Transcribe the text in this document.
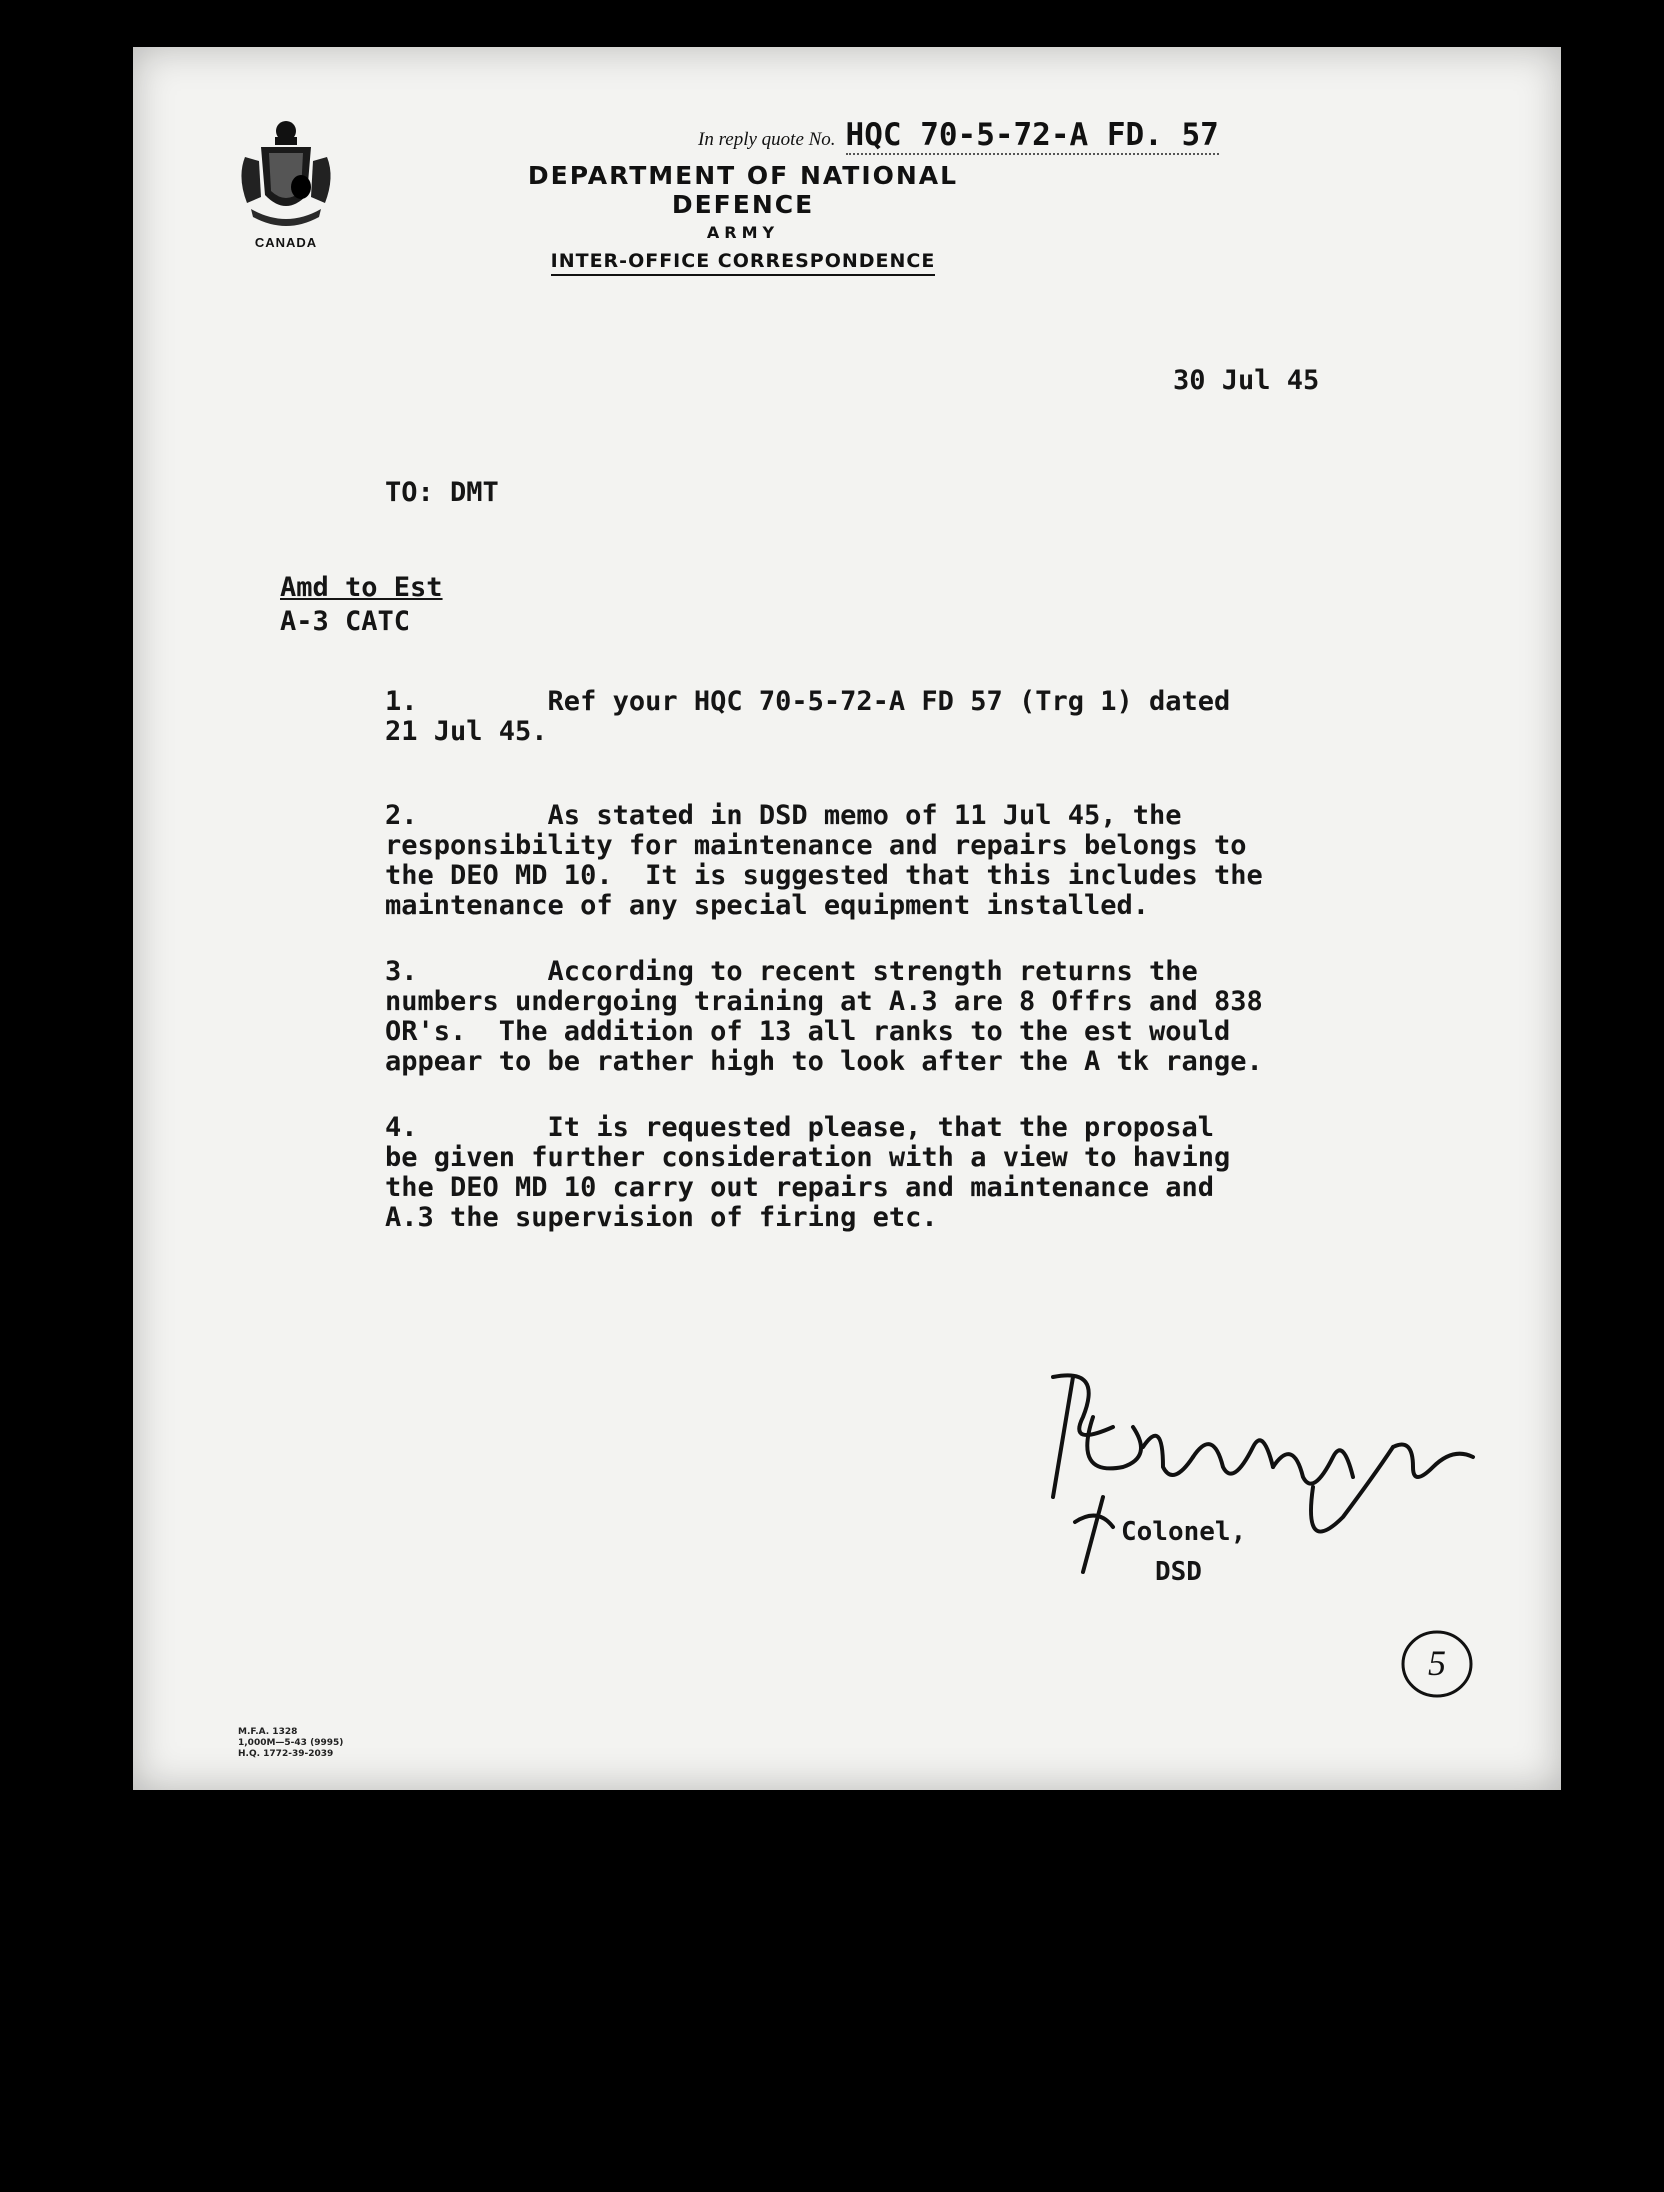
CANADA
In reply quote No. HQC 70-5-72-A FD. 57

DEPARTMENT OF NATIONAL DEFENCE

ARMY

INTER-OFFICE CORRESPONDENCE

30 Jul 45

TO: DMT

Amd to Est
A-3 CATC

1.        Ref your HQC 70-5-72-A FD 57 (Trg 1) dated
21 Jul 45.

2.        As stated in DSD memo of 11 Jul 45, the
responsibility for maintenance and repairs belongs to
the DEO MD 10.  It is suggested that this includes the
maintenance of any special equipment installed.

3.        According to recent strength returns the
numbers undergoing training at A.3 are 8 Offrs and 838
OR's.  The addition of 13 all ranks to the est would
appear to be rather high to look after the A tk range.

4.        It is requested please, that the proposal
be given further consideration with a view to having
the DEO MD 10 carry out repairs and maintenance and
A.3 the supervision of firing etc.

Colonel,

DSD

5
M.F.A. 1328
1,000M—5-43 (9995)
H.Q. 1772-39-2039
